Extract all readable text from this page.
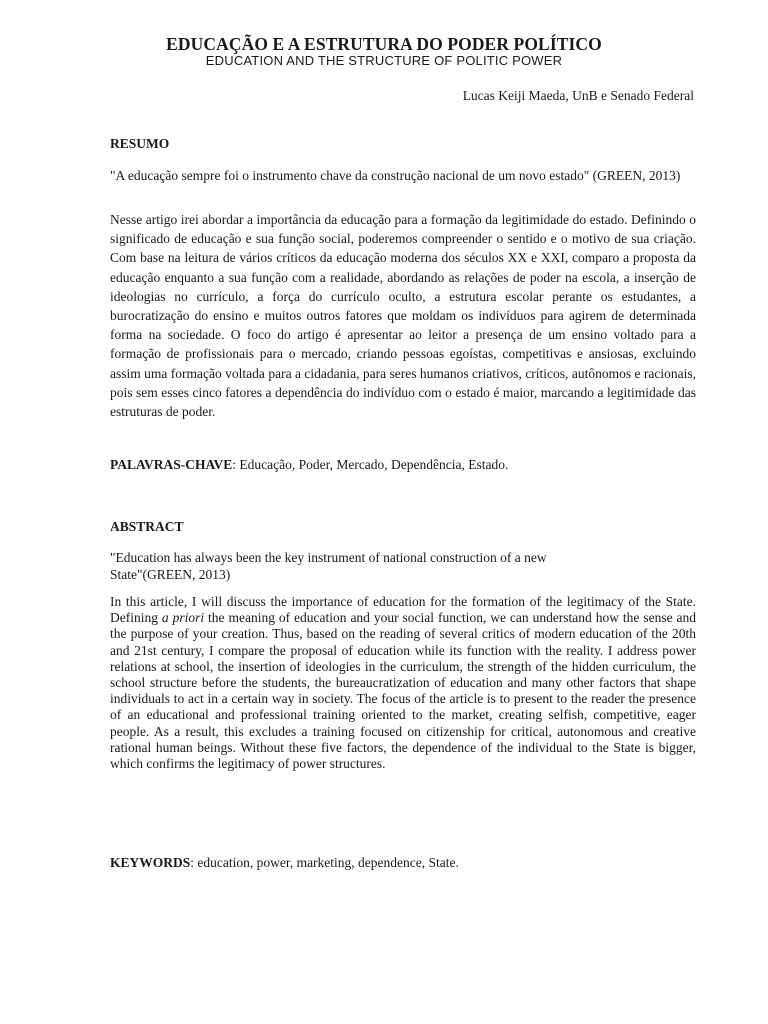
EDUCAÇÃO E A ESTRUTURA DO PODER POLÍTICO
EDUCATION AND THE STRUCTURE OF POLITIC POWER
Lucas Keiji Maeda, UnB e Senado Federal
RESUMO
"A educação sempre foi o instrumento chave da construção nacional de um novo estado" (GREEN, 2013)
Nesse artigo irei abordar a importância da educação para a formação da legitimidade do estado. Definindo o significado de educação e sua função social, poderemos compreender o sentido e o motivo de sua criação. Com base na leitura de vários críticos da educação moderna dos séculos XX e XXI, comparo a proposta da educação enquanto a sua função com a realidade, abordando as relações de poder na escola, a inserção de ideologias no currículo, a força do currículo oculto, a estrutura escolar perante os estudantes, a burocratização do ensino e muitos outros fatores que moldam os indivíduos para agirem de determinada forma na sociedade. O foco do artigo é apresentar ao leitor a presença de um ensino voltado para a formação de profissionais para o mercado, criando pessoas egoístas, competitivas e ansiosas, excluindo assim uma formação voltada para a cidadania, para seres humanos criativos, críticos, autônomos e racionais, pois sem esses cinco fatores a dependência do indivíduo com o estado é maior, marcando a legitimidade das estruturas de poder.
PALAVRAS-CHAVE: Educação, Poder, Mercado, Dependência, Estado.
ABSTRACT
"Education has always been the key instrument of national construction of a new
State"(GREEN, 2013)
In this article, I will discuss the importance of education for the formation of the legitimacy of the State. Defining a priori the meaning of education and your social function, we can understand how the sense and the purpose of your creation. Thus, based on the reading of several critics of modern education of the 20th and 21st century, I compare the proposal of education while its function with the reality. I address power relations at school, the insertion of ideologies in the curriculum, the strength of the hidden curriculum, the school structure before the students, the bureaucratization of education and many other factors that shape individuals to act in a certain way in society. The focus of the article is to present to the reader the presence of an educational and professional training oriented to the market, creating selfish, competitive, eager people. As a result, this excludes a training focused on citizenship for critical, autonomous and creative rational human beings. Without these five factors, the dependence of the individual to the State is bigger, which confirms the legitimacy of power structures.
KEYWORDS: education, power, marketing, dependence, State.
